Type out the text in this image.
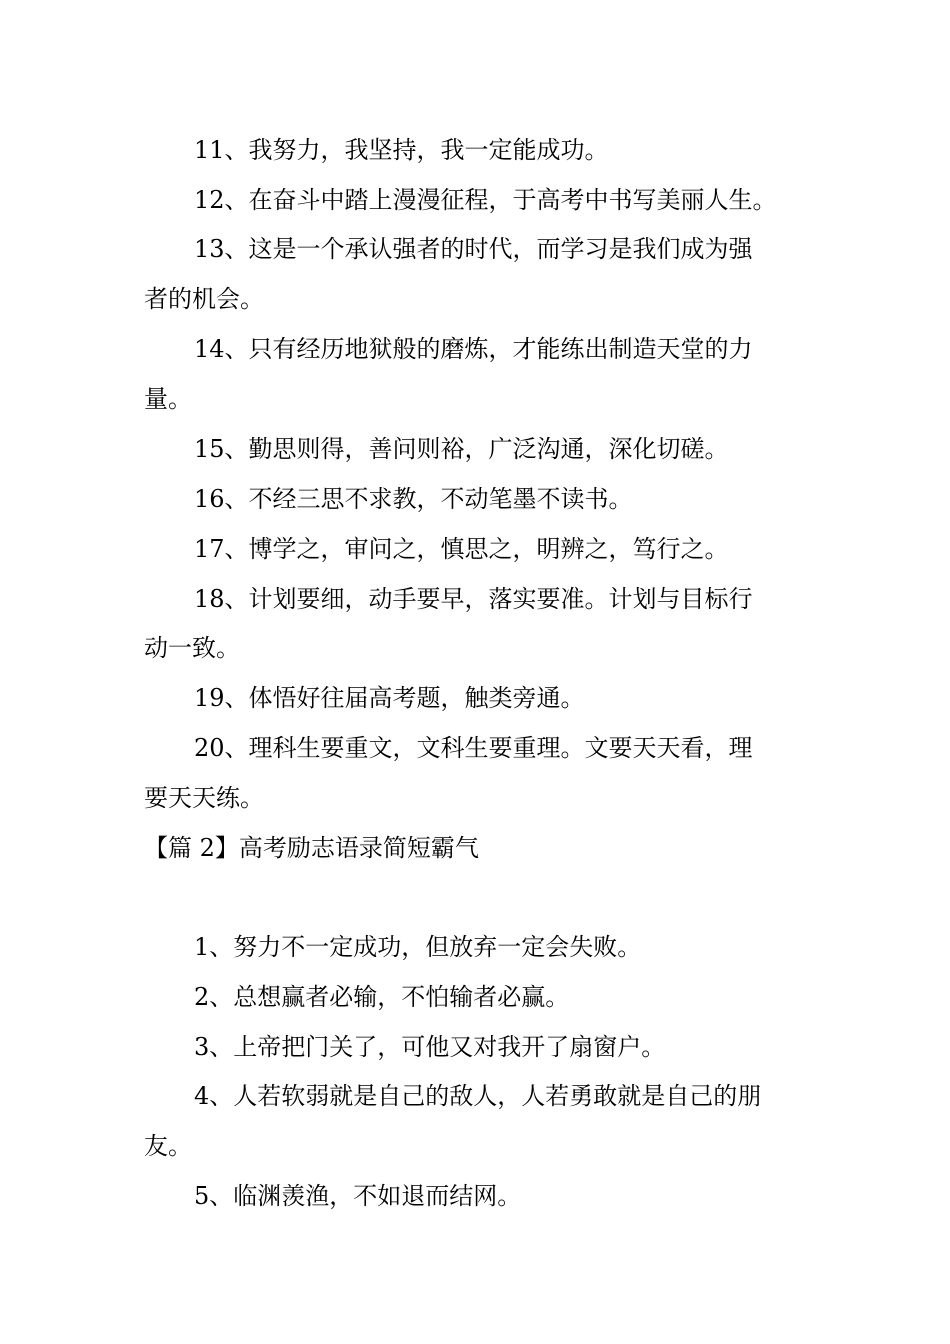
11、我努力，我坚持，我一定能成功。
12、在奋斗中踏上漫漫征程，于高考中书写美丽人生。
13、这是一个承认强者的时代，而学习是我们成为强
者的机会。
14、只有经历地狱般的磨炼，才能练出制造天堂的力
量。
15、勤思则得，善问则裕，广泛沟通，深化切磋。
16、不经三思不求教，不动笔墨不读书。
17、博学之，审问之，慎思之，明辨之，笃行之。
18、计划要细，动手要早，落实要准。计划与目标行
动一致。
19、体悟好往届高考题，触类旁通。
20、理科生要重文，文科生要重理。文要天天看，理
要天天练。
【篇 2】高考励志语录简短霸气
1、努力不一定成功，但放弃一定会失败。
2、总想赢者必输，不怕输者必赢。
3、上帝把门关了，可他又对我开了扇窗户。
4、人若软弱就是自己的敌人，人若勇敢就是自己的朋
友。
5、临渊羡渔，不如退而结网。
